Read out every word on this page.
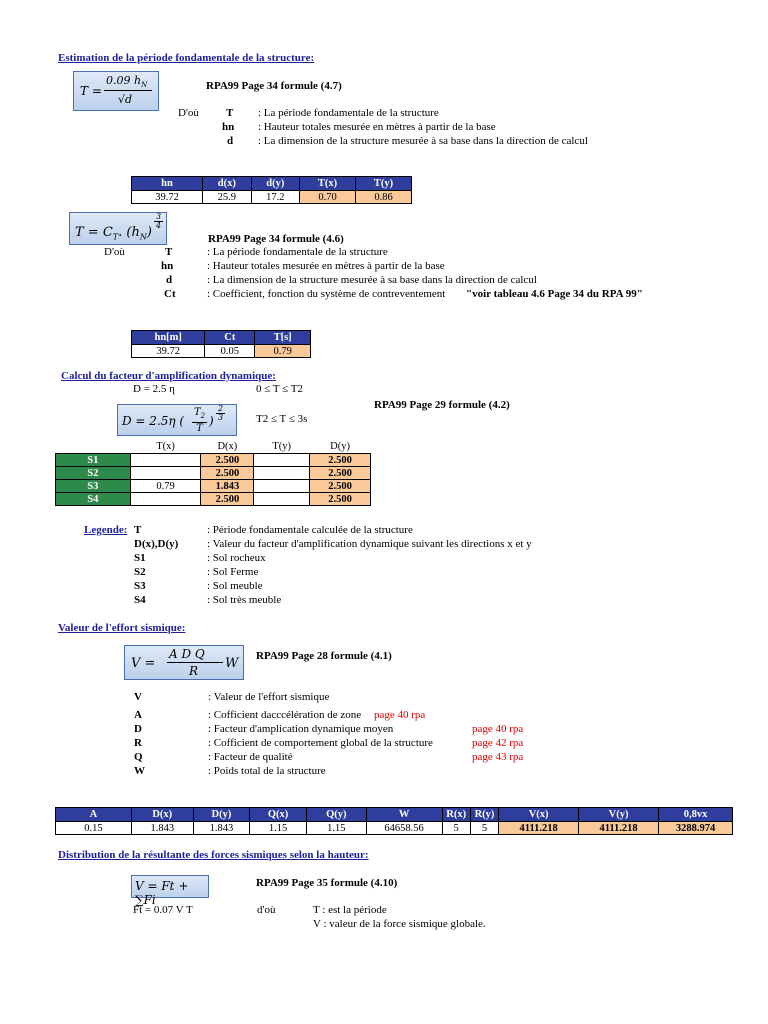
Estimation de la période fondamentale de la structure:
T =
0.09 $h_N$
√d
RPA99 Page 34 formule (4.7)
D'où T : La période fondamentale de la structure
hn : Hauteur totales mesurée en mètres à partir de la base
d : La dimension de la structure mesurée à sa base dans la direction de calcul
hn	d(x)	d(y)	T(x)	T(y)
39.72	25.9	17.2	0.70	0.86
$T = C_T$. $(h_N)$
$\frac{3}{4}$
RPA99 Page 34 formule (4.6)
D'où	T	: La période fondamentale de la structure
hn	: Hauteur totales mesurée en mètres à partir de la base
d	: La dimension de la structure mesurée à sa base dans la direction de calcul
Ct	: Coefficient, fonction du système de contreventement "voir tableau 4.6 Page 34 du RPA 99"
hn[m]	Ct	T[s]
39.72	0.05	0.79
Calcul du facteur d'amplification dynamique:
D = 2.5 η	0 ≤ T ≤ T2
D = 2.5η ( $\frac{T_2}{T}$ ) $\frac{2}{3}$	T2 ≤ T ≤ 3s
RPA99 Page 29 formule (4.2)
	T(x)	D(x)	T(y)	D(y)
S1		2.500		2.500
S2		2.500		2.500
S3	0.79	1.843		2.500
S4		2.500		2.500
Legende: T	: Période fondamentale calculée de la structure
D(x),D(y)	: Valeur du facteur d'amplification dynamique suivant les directions x et y
S1	: Sol rocheux
S2	: Sol Ferme
S3	: Sol meuble
S4	: Sol très meuble
Valeur de l'effort sismique:
V =
A D Q
R W RPA99 Page 28 formule (4.1)
V	: Valeur de l'effort sismique
A	: Cofficient dacccélération de zone page 40 rpa
D	: Facteur d'amplication dynamique moyen	page 40 rpa
R	: Cofficient de comportement global de la structure	page 42 rpa
Q	: Facteur de qualité	page 43 rpa
W	: Poids total de la structure
A	D(x)	D(y)	Q(x)	Q(y)	W	R(x)	R(y)	V(x)	V(y)	0,8vx
0.15	1.843	1.843	1.15	1.15	64658.56	5	5	4111.218	4111.218	3288.974
Distribution de la résultante des forces sismiques selon la hauteur:
V = Ft + ∑Fi
RPA99 Page 35 formule (4.10)
Ft = 0.07 V T	d'où	T : est la période
V : valeur de la force sismique globale.
